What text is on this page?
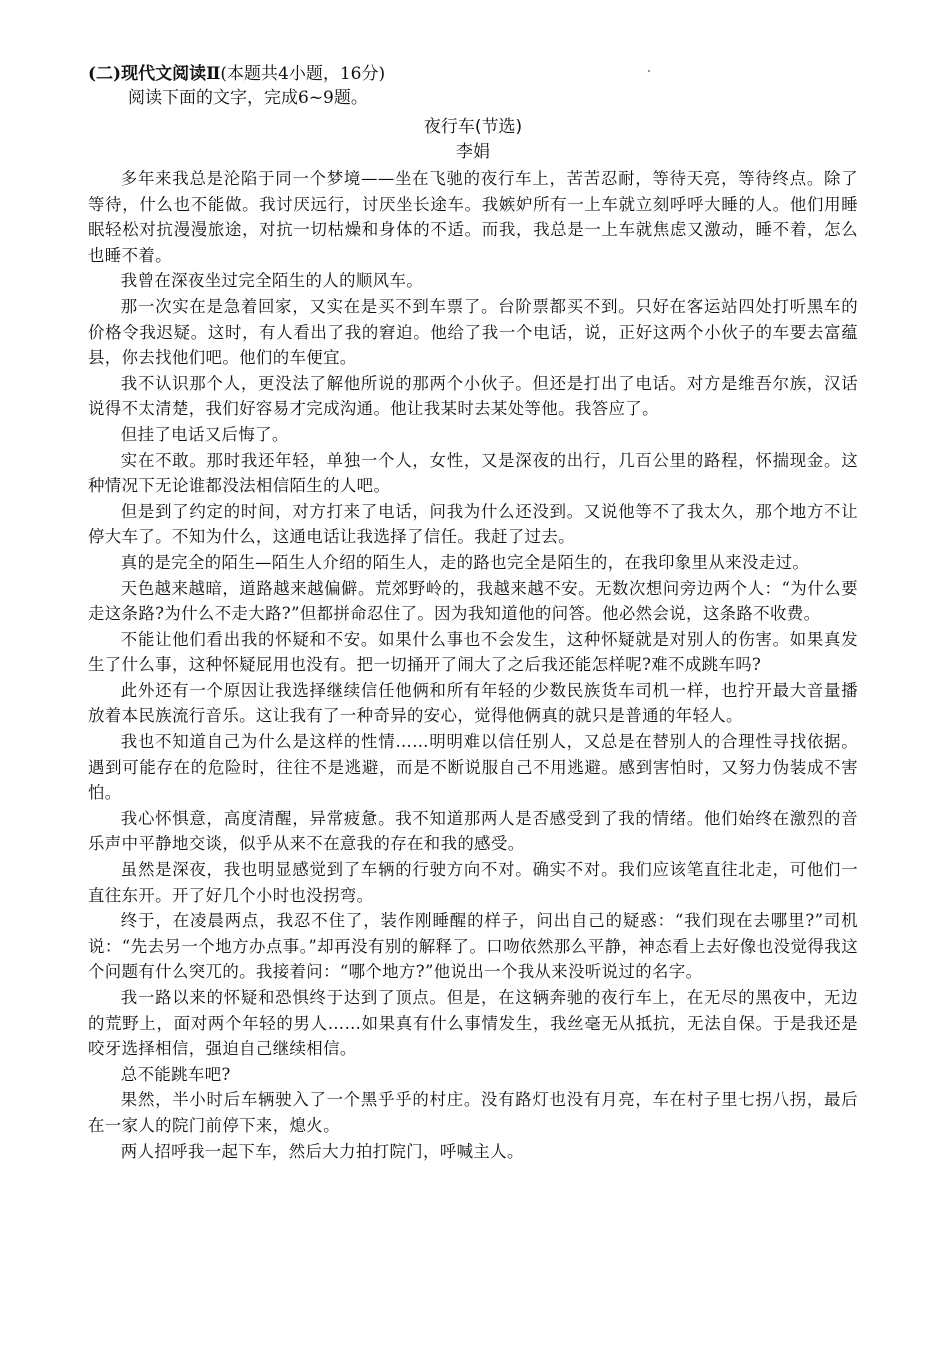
(二)现代文阅读Ⅱ(本题共4小题，16分)
阅读下面的文字，完成6~9题。
夜行车(节选)
李娟

多年来我总是沦陷于同一个梦境——坐在飞驰的夜行车上，苦苦忍耐，等待天亮，等待终点。除了等待，什么也不能做。我讨厌远行，讨厌坐长途车。我嫉妒所有一上车就立刻呼呼大睡的人。他们用睡眠轻松对抗漫漫旅途，对抗一切枯燥和身体的不适。而我，我总是一上车就焦虑又激动，睡不着，怎么也睡不着。

我曾在深夜坐过完全陌生的人的顺风车。

那一次实在是急着回家，又实在是买不到车票了。台阶票都买不到。只好在客运站四处打听黑车的价格令我迟疑。这时，有人看出了我的窘迫。他给了我一个电话，说，正好这两个小伙子的车要去富蕴县，你去找他们吧。他们的车便宜。

我不认识那个人，更没法了解他所说的那两个小伙子。但还是打出了电话。对方是维吾尔族，汉话说得不太清楚，我们好容易才完成沟通。他让我某时去某处等他。我答应了。

但挂了电话又后悔了。

实在不敢。那时我还年轻，单独一个人，女性，又是深夜的出行，几百公里的路程，怀揣现金。这种情况下无论谁都没法相信陌生的人吧。

但是到了约定的时间，对方打来了电话，问我为什么还没到。又说他等不了我太久，那个地方不让停大车了。不知为什么，这通电话让我选择了信任。我赶了过去。

真的是完全的陌生—陌生人介绍的陌生人，走的路也完全是陌生的，在我印象里从来没走过。

天色越来越暗，道路越来越偏僻。荒郊野岭的，我越来越不安。无数次想问旁边两个人：“为什么要走这条路?为什么不走大路?”但都拼命忍住了。因为我知道他的问答。他必然会说，这条路不收费。

不能让他们看出我的怀疑和不安。如果什么事也不会发生，这种怀疑就是对别人的伤害。如果真发生了什么事，这种怀疑屁用也没有。把一切捅开了闹大了之后我还能怎样呢?难不成跳车吗?

此外还有一个原因让我选择继续信任他俩和所有年轻的少数民族货车司机一样，也拧开最大音量播放着本民族流行音乐。这让我有了一种奇异的安心，觉得他俩真的就只是普通的年轻人。

我也不知道自己为什么是这样的性情……明明难以信任别人，又总是在替别人的合理性寻找依据。遇到可能存在的危险时，往往不是逃避，而是不断说服自己不用逃避。感到害怕时，又努力伪装成不害怕。

我心怀惧意，高度清醒，异常疲惫。我不知道那两人是否感受到了我的情绪。他们始终在激烈的音乐声中平静地交谈，似乎从来不在意我的存在和我的感受。

虽然是深夜，我也明显感觉到了车辆的行驶方向不对。确实不对。我们应该笔直往北走，可他们一直往东开。开了好几个小时也没拐弯。

终于，在凌晨两点，我忍不住了，装作刚睡醒的样子，问出自己的疑惑：“我们现在去哪里?”司机说：“先去另一个地方办点事。”却再没有别的解释了。口吻依然那么平静，神态看上去好像也没觉得我这个问题有什么突兀的。我接着问：“哪个地方?”他说出一个我从来没听说过的名字。

我一路以来的怀疑和恐惧终于达到了顶点。但是，在这辆奔驰的夜行车上，在无尽的黑夜中，无边的荒野上，面对两个年轻的男人……如果真有什么事情发生，我丝毫无从抵抗，无法自保。于是我还是咬牙选择相信，强迫自己继续相信。

总不能跳车吧?

果然，半小时后车辆驶入了一个黑乎乎的村庄。没有路灯也没有月亮，车在村子里七拐八拐，最后在一家人的院门前停下来，熄火。

两人招呼我一起下车，然后大力拍打院门，呼喊主人。
